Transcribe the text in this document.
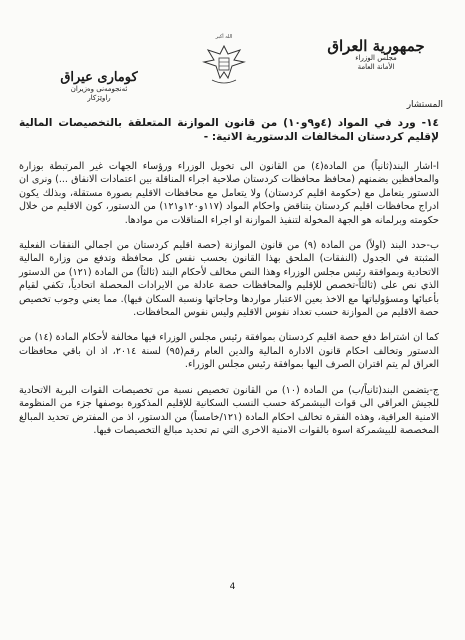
جمهورية العراق
مجلس الوزراء
الأمانة العامة
الله أكبر
كوماری عیراق
ئەنجومەنی وەزیران
راوێژکار
المستشار

١٤- ورد في المواد (٤و٩و١٠) من قانون الموازنة المتعلقة بالتخصيصات المالية لإقليم كردستان المخالفات الدستورية الاتية: -

ا-اشار البند(ثانياً) من المادة(٤) من القانون الى تخويل الوزراء ورؤساء الجهات غير المرتبطة بوزارة والمحافظين بضمنهم (محافظ محافظات كردستان صلاحية اجراء المناقلة بين اعتمادات الانفاق ...) ونرى ان الدستور يتعامل مع (حكومة اقليم كردستان) ولا يتعامل مع محافظات الاقليم بصورة مستقلة، وبذلك يكون ادراج محافظات اقليم كردستان يتناقض واحكام المواد (١١٧و١٢٠و١٢١) من الدستور، كون الاقليم من خلال حكومته وبرلمانه هو الجهة المخولة لتنفيذ الموازنة او اجراء المناقلات من موادها.

ب-حدد البند (اولاً) من المادة (٩) من قانون الموازنة (حصة اقليم كردستان من اجمالي النفقات الفعلية المثبتة في الجدول (النفقات) الملحق بهذا القانون بحسب نفس كل محافظة وتدفع من وزارة المالية الاتحادية وبموافقة رئيس مجلس الوزراء وهذا النص مخالف لأحكام البند (ثالثاً) من المادة (١٢١) من الدستور الذي نص على (ثالثاً-تخصص للإقليم والمحافظات حصة عادلة من الايرادات المحصلة اتحادياً، تكفي لقيام بأعبائها ومسؤولياتها مع الاخذ بعين الاعتبار مواردها وحاجاتها ونسبة السكان فيها). مما يعني وجوب تخصيص حصة الاقليم من الموازنة حسب تعداد نفوس الاقليم وليس نفوس المحافظات.

كما ان اشتراط دفع حصة اقليم كردستان بموافقة رئيس مجلس الوزراء فيها مخالفة لأحكام المادة (١٤) من الدستور وتخالف احكام قانون الادارة المالية والدين العام رقم(٩٥) لسنة ٢٠١٤، اذ ان باقي محافظات العراق لم يتم اقتران الصرف اليها بموافقة رئيس مجلس الوزراء.

ج-يتضمن البند(ثانياً/ب) من المادة (١٠) من القانون تخصيص نسبة من تخصيصات القوات البرية الاتحادية للجيش العراقي الى قوات البيشمركة حسب النسب السكانية للإقليم المذكورة بوصفها جزء من المنظومة الامنية العراقية، وهذه الفقرة تخالف احكام المادة (١٢١/خامساً) من الدستور، اذ من المفترض تحديد المبالغ المخصصة للبيشمركة اسوة بالقوات الامنية الاخرى التي تم تحديد مبالغ التخصيصات فيها.

4
